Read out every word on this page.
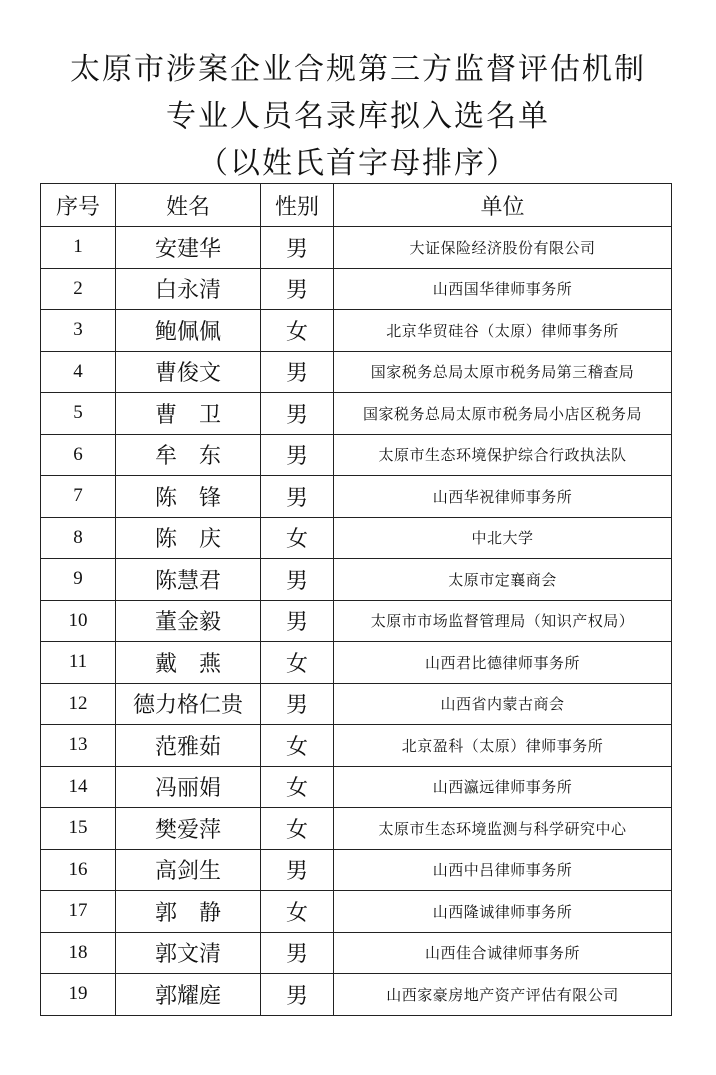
太原市涉案企业合规第三方监督评估机制
专业人员名录库拟入选名单
（以姓氏首字母排序）
序号	姓名	性别	单位
1	安建华	男	大证保险经济股份有限公司
2	白永清	男	山西国华律师事务所
3	鲍佩佩	女	北京华贸硅谷（太原）律师事务所
4	曹俊文	男	国家税务总局太原市税务局第三稽查局
5	曹　卫	男	国家税务总局太原市税务局小店区税务局
6	牟　东	男	太原市生态环境保护综合行政执法队
7	陈　锋	男	山西华祝律师事务所
8	陈　庆	女	中北大学
9	陈慧君	男	太原市定襄商会
10	董金毅	男	太原市市场监督管理局（知识产权局）
11	戴　燕	女	山西君比德律师事务所
12	德力格仁贵	男	山西省内蒙古商会
13	范雅茹	女	北京盈科（太原）律师事务所
14	冯丽娟	女	山西瀛远律师事务所
15	樊爱萍	女	太原市生态环境监测与科学研究中心
16	高剑生	男	山西中吕律师事务所
17	郭　静	女	山西隆诚律师事务所
18	郭文清	男	山西佳合诚律师事务所
19	郭耀庭	男	山西家豪房地产资产评估有限公司
